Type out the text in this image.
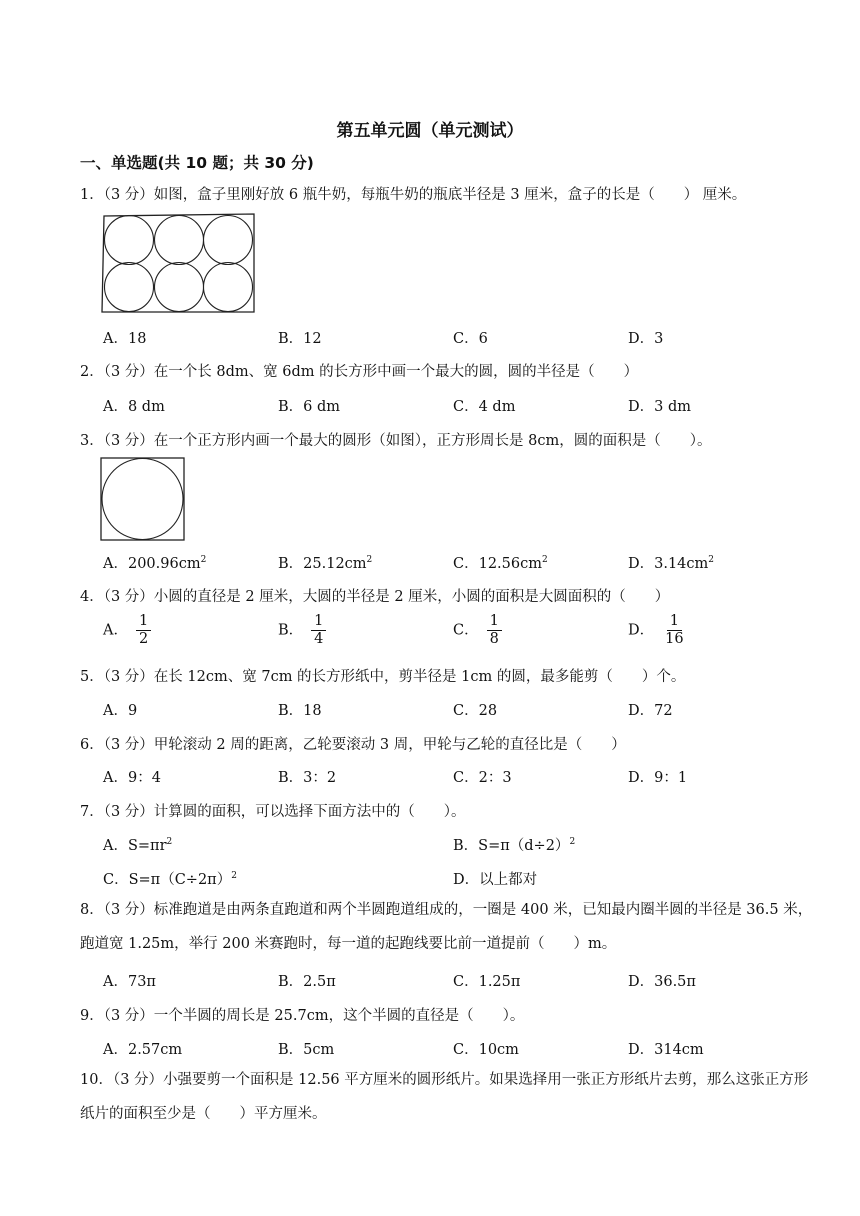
第五单元圆（单元测试）
一、单选题(共 10 题；共 30 分)
1．（3 分）如图，盒子里刚好放 6 瓶牛奶，每瓶牛奶的瓶底半径是 3 厘米，盒子的长是（　　） 厘米。
A．18	B．12	C．6	D．3
2．（3 分）在一个长 8dm、宽 6dm 的长方形中画一个最大的圆，圆的半径是（　　）
A．8 dm	B．6 dm	C．4 dm	D．3 dm
3．（3 分）在一个正方形内画一个最大的圆形（如图），正方形周长是 8cm，圆的面积是（　　）。
A．$200.96cm^2$	B．$25.12cm^2$	C．$12.56cm^2$	D．$3.14cm^2$
4．（3 分）小圆的直径是 2 厘米，大圆的半径是 2 厘米，小圆的面积是大圆面积的（　　）
A． $\frac{1}{2}$	B． $\frac{1}{4}$	C． $\frac{1}{8}$	D． $\frac{1}{16}$
5．（3 分）在长 12cm、宽 7cm 的长方形纸中，剪半径是 1cm 的圆，最多能剪（　　）个。
A．9	B．18	C．28	D．72
6．（3 分）甲轮滚动 2 周的距离，乙轮要滚动 3 周，甲轮与乙轮的直径比是（　　）
A．9：4	B．3：2	C．2：3	D．9：1
7．（3 分）计算圆的面积，可以选择下面方法中的（　　）。
A．$S=\pi r^2$	B．$S=\pi(d\div 2)^2$
C．$S=\pi(C\div 2\pi)^2$	D．以上都对
8．（3 分）标准跑道是由两条直跑道和两个半圆跑道组成的，一圈是 400 米，已知最内圈半圆的半径是 36.5 米，跑道宽 1.25m，举行 200 米赛跑时，每一道的起跑线要比前一道提前（　　）m。
A．73π	B．2.5π	C．1.25π	D．36.5π
9．（3 分）一个半圆的周长是 25.7cm，这个半圆的直径是（　　）。
A．2.57cm	B．5cm	C．10cm	D．314cm
10．（3 分）小强要剪一个面积是 12.56 平方厘米的圆形纸片。如果选择用一张正方形纸片去剪，那么这张正方形纸片的面积至少是（　　）平方厘米。
